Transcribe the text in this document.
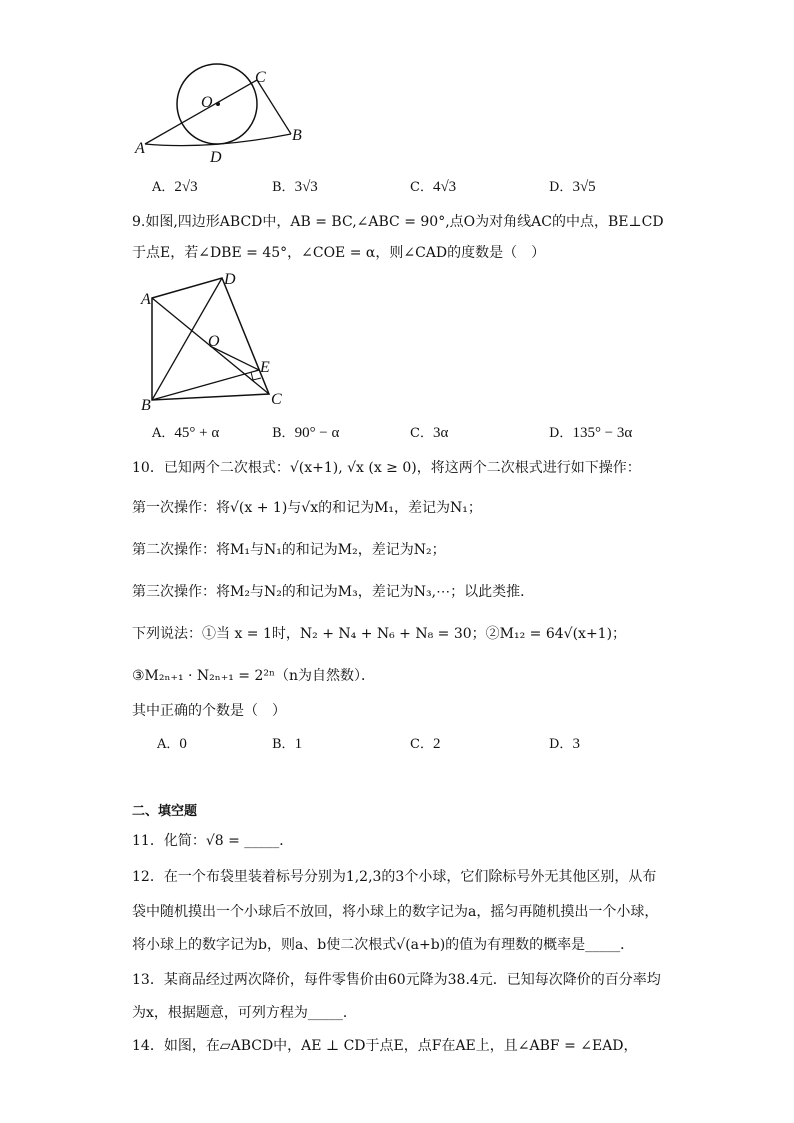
O
C
A
B
D
A．2√3	B．3√3	C．4√3	D．3√5
9.如图,四边形ABCD中，AB = BC,∠ABC = 90°,点O为对角线AC的中点，BE⊥CD
于点E，若∠DBE = 45°，∠COE = α，则∠CAD的度数是（　）
A
D
O
E
B	C
A．45° + α	B．90° − α	C．3α	D．135° − 3α
10．已知两个二次根式：√(x+1), √x (x ≥ 0)，将这两个二次根式进行如下操作：
第一次操作：将√(x + 1)与√x的和记为M₁，差记为N₁；
第二次操作：将M₁与N₁的和记为M₂，差记为N₂；
第三次操作：将M₂与N₂的和记为M₃，差记为N₃,⋯；以此类推．
下列说法：①当 x = 1时，N₂ + N₄ + N₆ + N₈ = 30；②M₁₂ = 64√(x+1)；
③M₂ₙ₊₁ · N₂ₙ₊₁ = 2²ⁿ（n为自然数）．
其中正确的个数是（　）
A．0	B．1	C．2	D．3
二、填空题
11．化简：√8 = _____．
12．在一个布袋里装着标号分别为1,2,3的3个小球，它们除标号外无其他区别，从布
袋中随机摸出一个小球后不放回，将小球上的数字记为a，摇匀再随机摸出一个小球，
将小球上的数字记为b，则a、b使二次根式√(a+b)的值为有理数的概率是_____．
13．某商品经过两次降价，每件零售价由60元降为38.4元．已知每次降价的百分率均
为x，根据题意，可列方程为_____．
14．如图，在▱ABCD中，AE ⊥ CD于点E，点F在AE上，且∠ABF = ∠EAD，
